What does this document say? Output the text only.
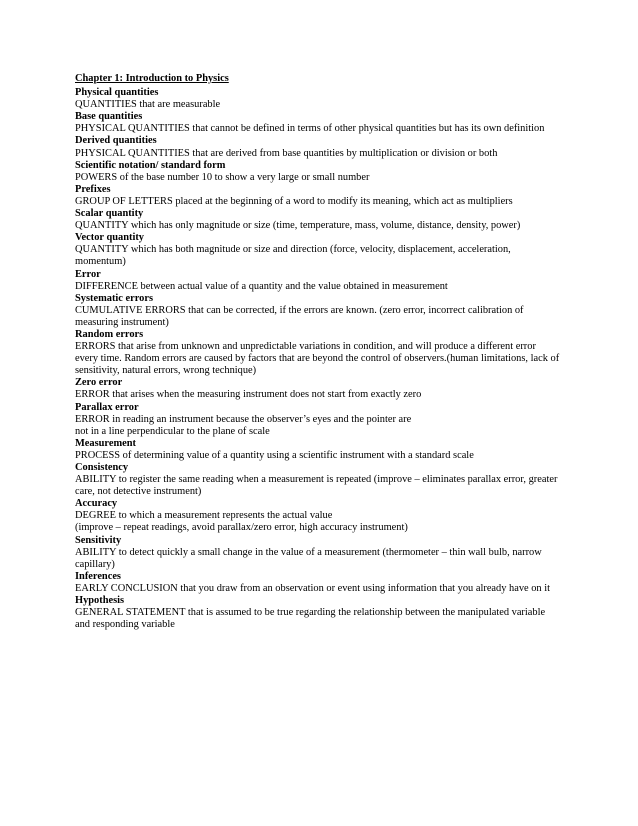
Chapter 1: Introduction to Physics
Physical quantities
QUANTITIES that are measurable
Base quantities
PHYSICAL QUANTITIES that cannot be defined in terms of other physical quantities but has its own definition
Derived quantities
PHYSICAL QUANTITIES that are derived from base quantities by multiplication or division or both
Scientific notation/ standard form
POWERS of the base number 10 to show a very large or small number
Prefixes
GROUP OF LETTERS placed at the beginning of a word to modify its meaning, which act as multipliers
Scalar quantity
QUANTITY which has only magnitude or size (time, temperature, mass, volume, distance, density, power)
Vector quantity
QUANTITY which has both magnitude or size and direction (force, velocity, displacement, acceleration,
momentum)
Error
DIFFERENCE between actual value of a quantity and the value obtained in measurement
Systematic errors
CUMULATIVE ERRORS that can be corrected, if the errors are known. (zero error, incorrect calibration of
measuring instrument)
Random errors
ERRORS that arise from unknown and unpredictable variations in condition, and will produce a different error
every time. Random errors are caused by factors that are beyond the control of observers.(human limitations, lack of
sensitivity, natural errors, wrong technique)
Zero error
ERROR that arises when the measuring instrument does not start from exactly zero
Parallax error
ERROR in reading an instrument because the observer’s eyes and the pointer are
not in a line perpendicular to the plane of scale
Measurement
PROCESS of determining value of a quantity using a scientific instrument with a standard scale
Consistency
ABILITY to register the same reading when a measurement is repeated (improve – eliminates parallax error, greater
care, not detective instrument)
Accuracy
DEGREE to which a measurement represents the actual value
(improve – repeat readings, avoid parallax/zero error, high accuracy instrument)
Sensitivity
ABILITY to detect quickly a small change in the value of a measurement (thermometer – thin wall bulb, narrow
capillary)
Inferences
EARLY CONCLUSION that you draw from an observation or event using information that you already have on it
Hypothesis
GENERAL STATEMENT that is assumed to be true regarding the relationship between the manipulated variable
and responding variable
